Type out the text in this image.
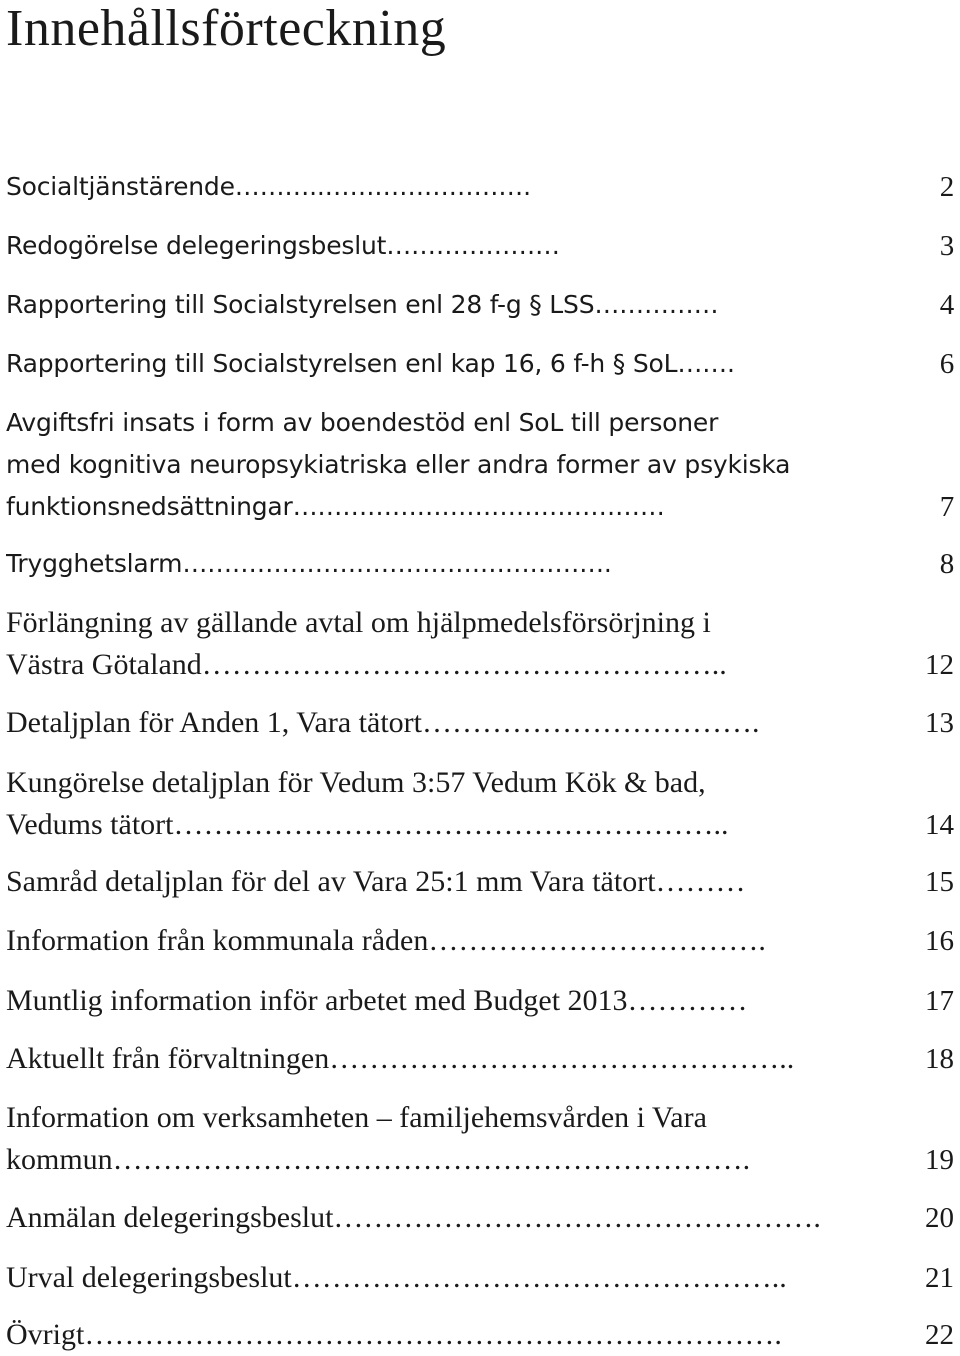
Innehållsförteckning
Socialtjänstärende………..…………………….	2
Redogörelse delegeringsbeslut…………………	3
Rapportering till Socialstyrelsen enl 28 f-g § LSS……………	4
Rapportering till Socialstyrelsen enl kap 16, 6 f-h § SoL…….	6
Avgiftsfri insats i form av boendestöd enl SoL till personer
med kognitiva neuropsykiatriska eller andra former av psykiska
funktionsnedsättningar………………………………………	7
Trygghetslarm…………………………………………….	8
Förlängning av gällande avtal om hjälpmedelsförsörjning i
Västra Götaland……………………………………………..	12
Detaljplan för Anden 1, Vara tätort…………………………….	13
Kungörelse detaljplan för Vedum 3:57 Vedum Kök & bad,
Vedums tätort………………………………………………..	14
Samråd detaljplan för del av Vara 25:1 mm Vara tätort………	15
Information från kommunala råden…………………………….	16
Muntlig information inför arbetet med Budget 2013…………	17
Aktuellt från förvaltningen………………………………………..	18
Information om verksamheten – familjehemsvården i Vara
kommun……………………………………………………….	19
Anmälan delegeringsbeslut………………………………………….	20
Urval delegeringsbeslut…………………………………………..	21
Övrigt…………………………………………………………….	22
